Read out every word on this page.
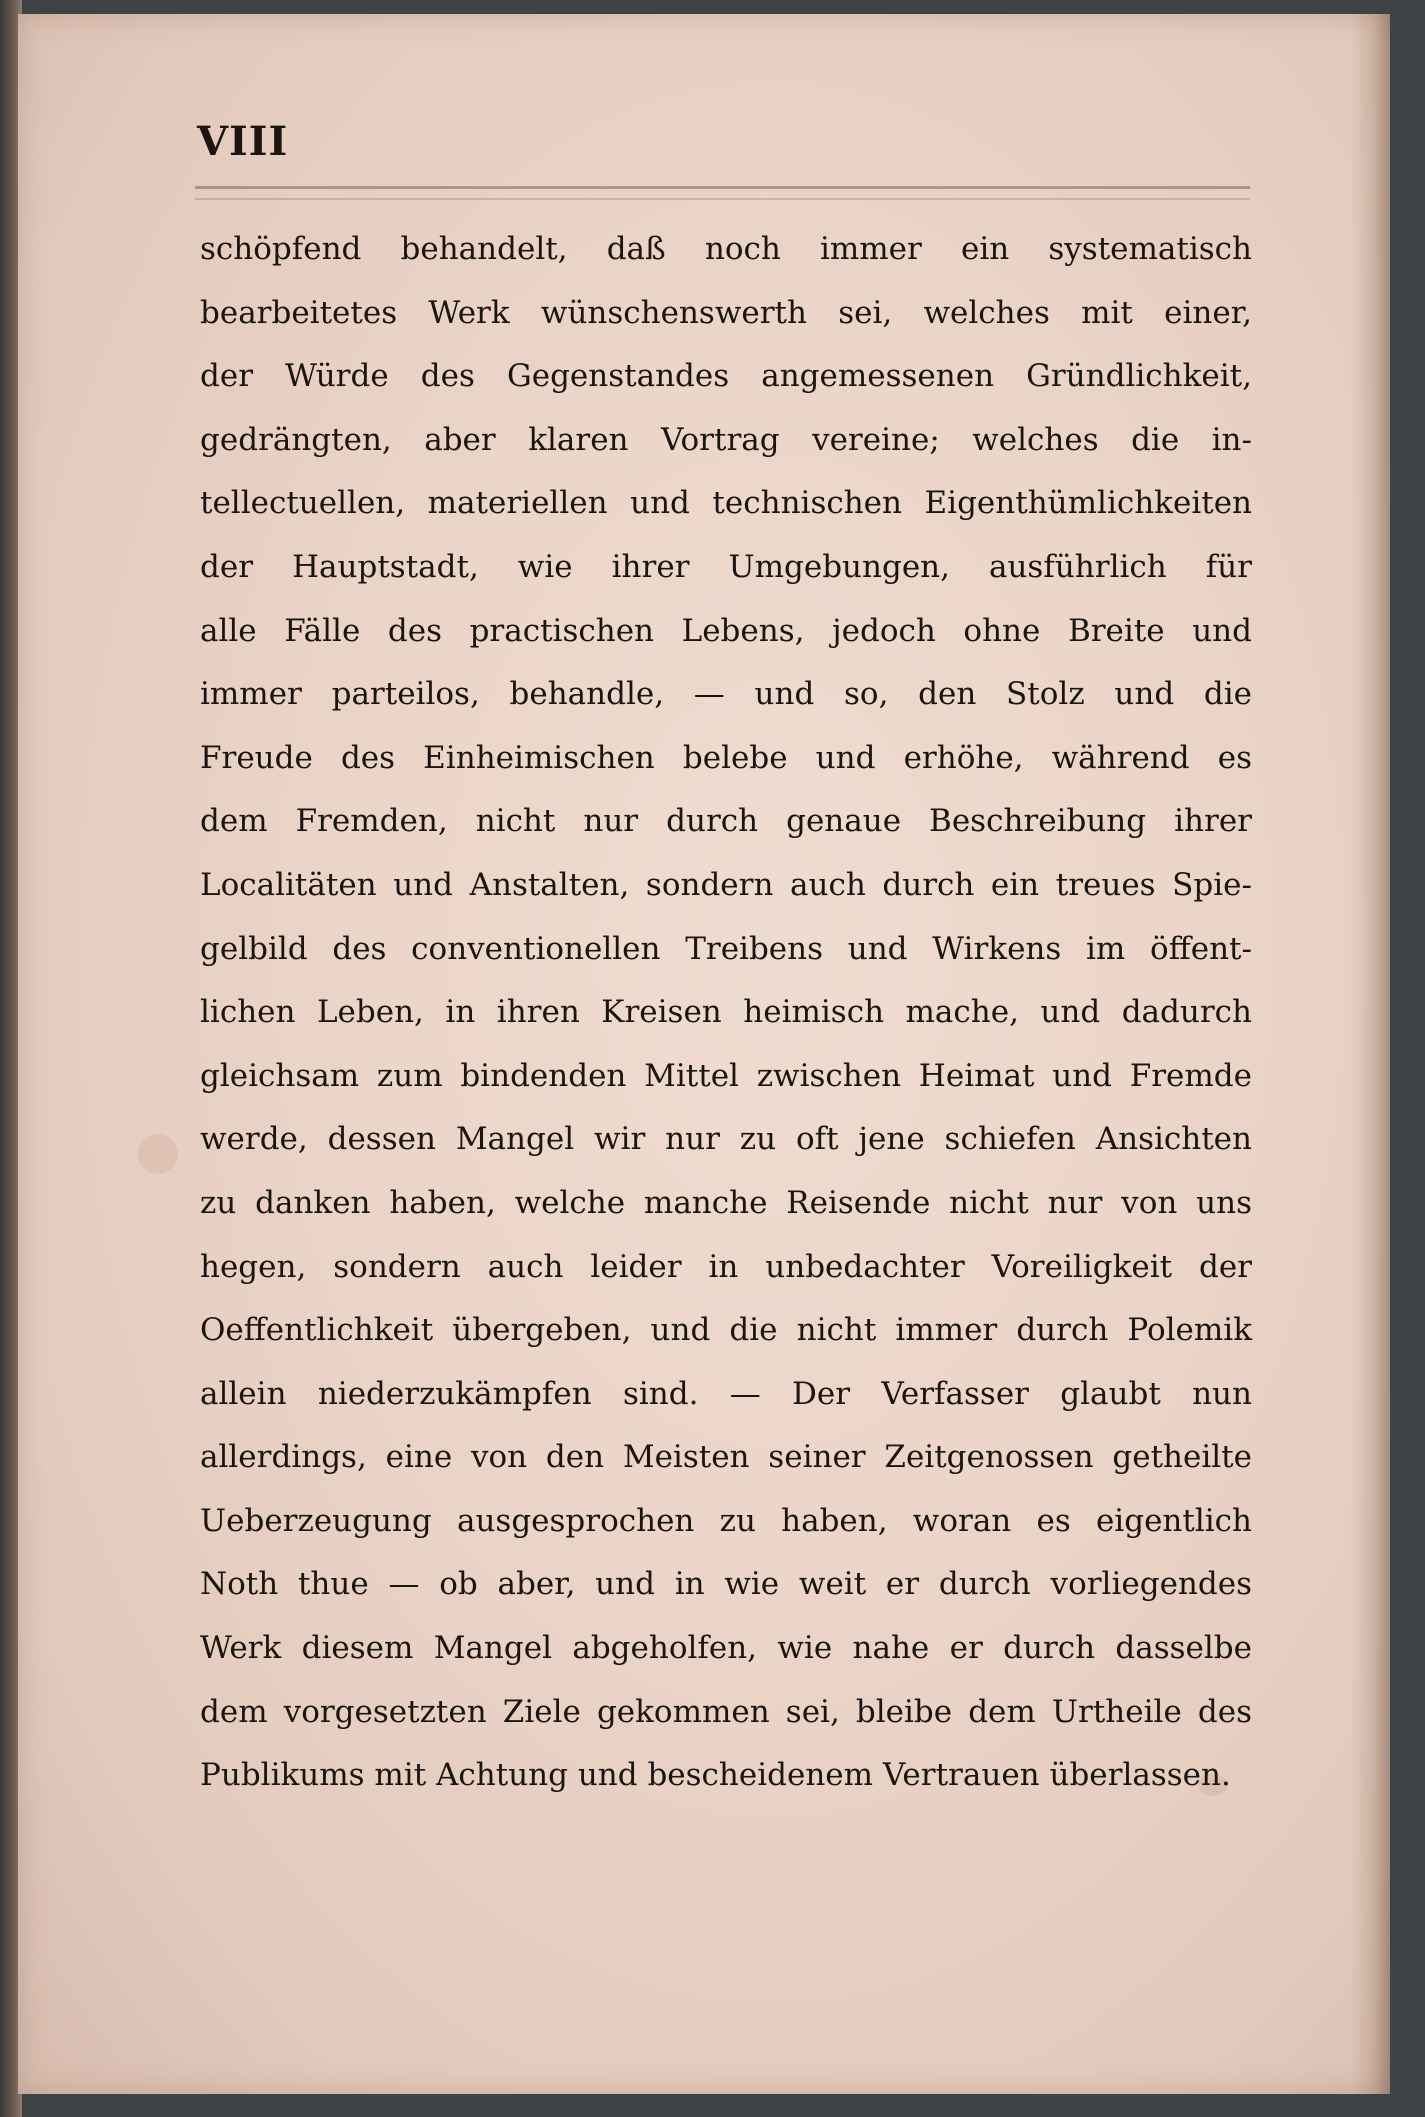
VIII
schöpfend behandelt, daß noch immer ein systematisch
bearbeitetes Werk wünschenswerth sei, welches mit einer,
der Würde des Gegenstandes angemessenen Gründlichkeit,
gedrängten, aber klaren Vortrag vereine; welches die in-
tellectuellen, materiellen und technischen Eigenthümlichkeiten
der Hauptstadt, wie ihrer Umgebungen, ausführlich für
alle Fälle des practischen Lebens, jedoch ohne Breite und
immer parteilos, behandle, — und so, den Stolz und die
Freude des Einheimischen belebe und erhöhe, während es
dem Fremden, nicht nur durch genaue Beschreibung ihrer
Localitäten und Anstalten, sondern auch durch ein treues Spie-
gelbild des conventionellen Treibens und Wirkens im öffent-
lichen Leben, in ihren Kreisen heimisch mache, und dadurch
gleichsam zum bindenden Mittel zwischen Heimat und Fremde
werde, dessen Mangel wir nur zu oft jene schiefen Ansichten
zu danken haben, welche manche Reisende nicht nur von uns
hegen, sondern auch leider in unbedachter Voreiligkeit der
Oeffentlichkeit übergeben, und die nicht immer durch Polemik
allein niederzukämpfen sind. — Der Verfasser glaubt nun
allerdings, eine von den Meisten seiner Zeitgenossen getheilte
Ueberzeugung ausgesprochen zu haben, woran es eigentlich
Noth thue — ob aber, und in wie weit er durch vorliegendes
Werk diesem Mangel abgeholfen, wie nahe er durch dasselbe
dem vorgesetzten Ziele gekommen sei, bleibe dem Urtheile des
Publikums mit Achtung und bescheidenem Vertrauen überlassen.
